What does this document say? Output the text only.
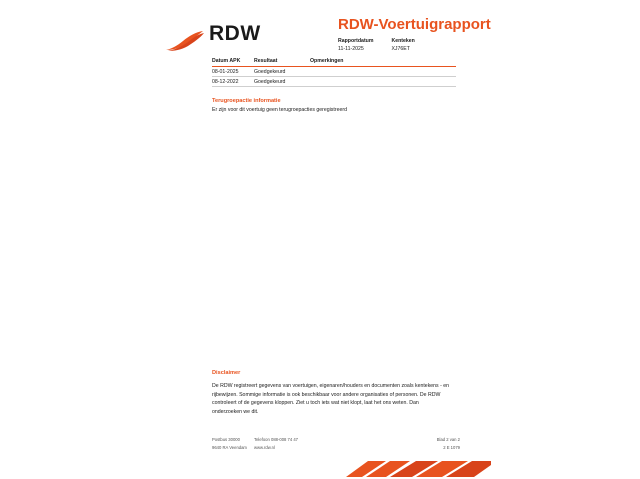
RDW	RDW-Voertuigrapport
Rapportdatum
11-11-2025

Kenteken
XJ76ET
Datum APK	Resultaat	Opmerkingen
08-01-2025	Goedgekeurd	
08-12-2022	Goedgekeurd	
Terugroepactie informatie
Er zijn voor dit voertuig geen terugroepacties geregistreerd
Disclaimer
De RDW registreert gegevens van voertuigen, eigenaren/houders en documenten zoals kentekens - en rijbewijzen. Sommige informatie is ook beschikbaar voor andere organisaties of personen. De RDW controleert of de gegevens kloppen. Ziet u toch iets wat niet klopt, laat het ons weten. Dan onderzoeken we dit.
Postbus 30000
9640 RA Veendam
Telefoon 088-008 74 47
www.rdw.nl
Blad 2 van 2
2 E 1079
